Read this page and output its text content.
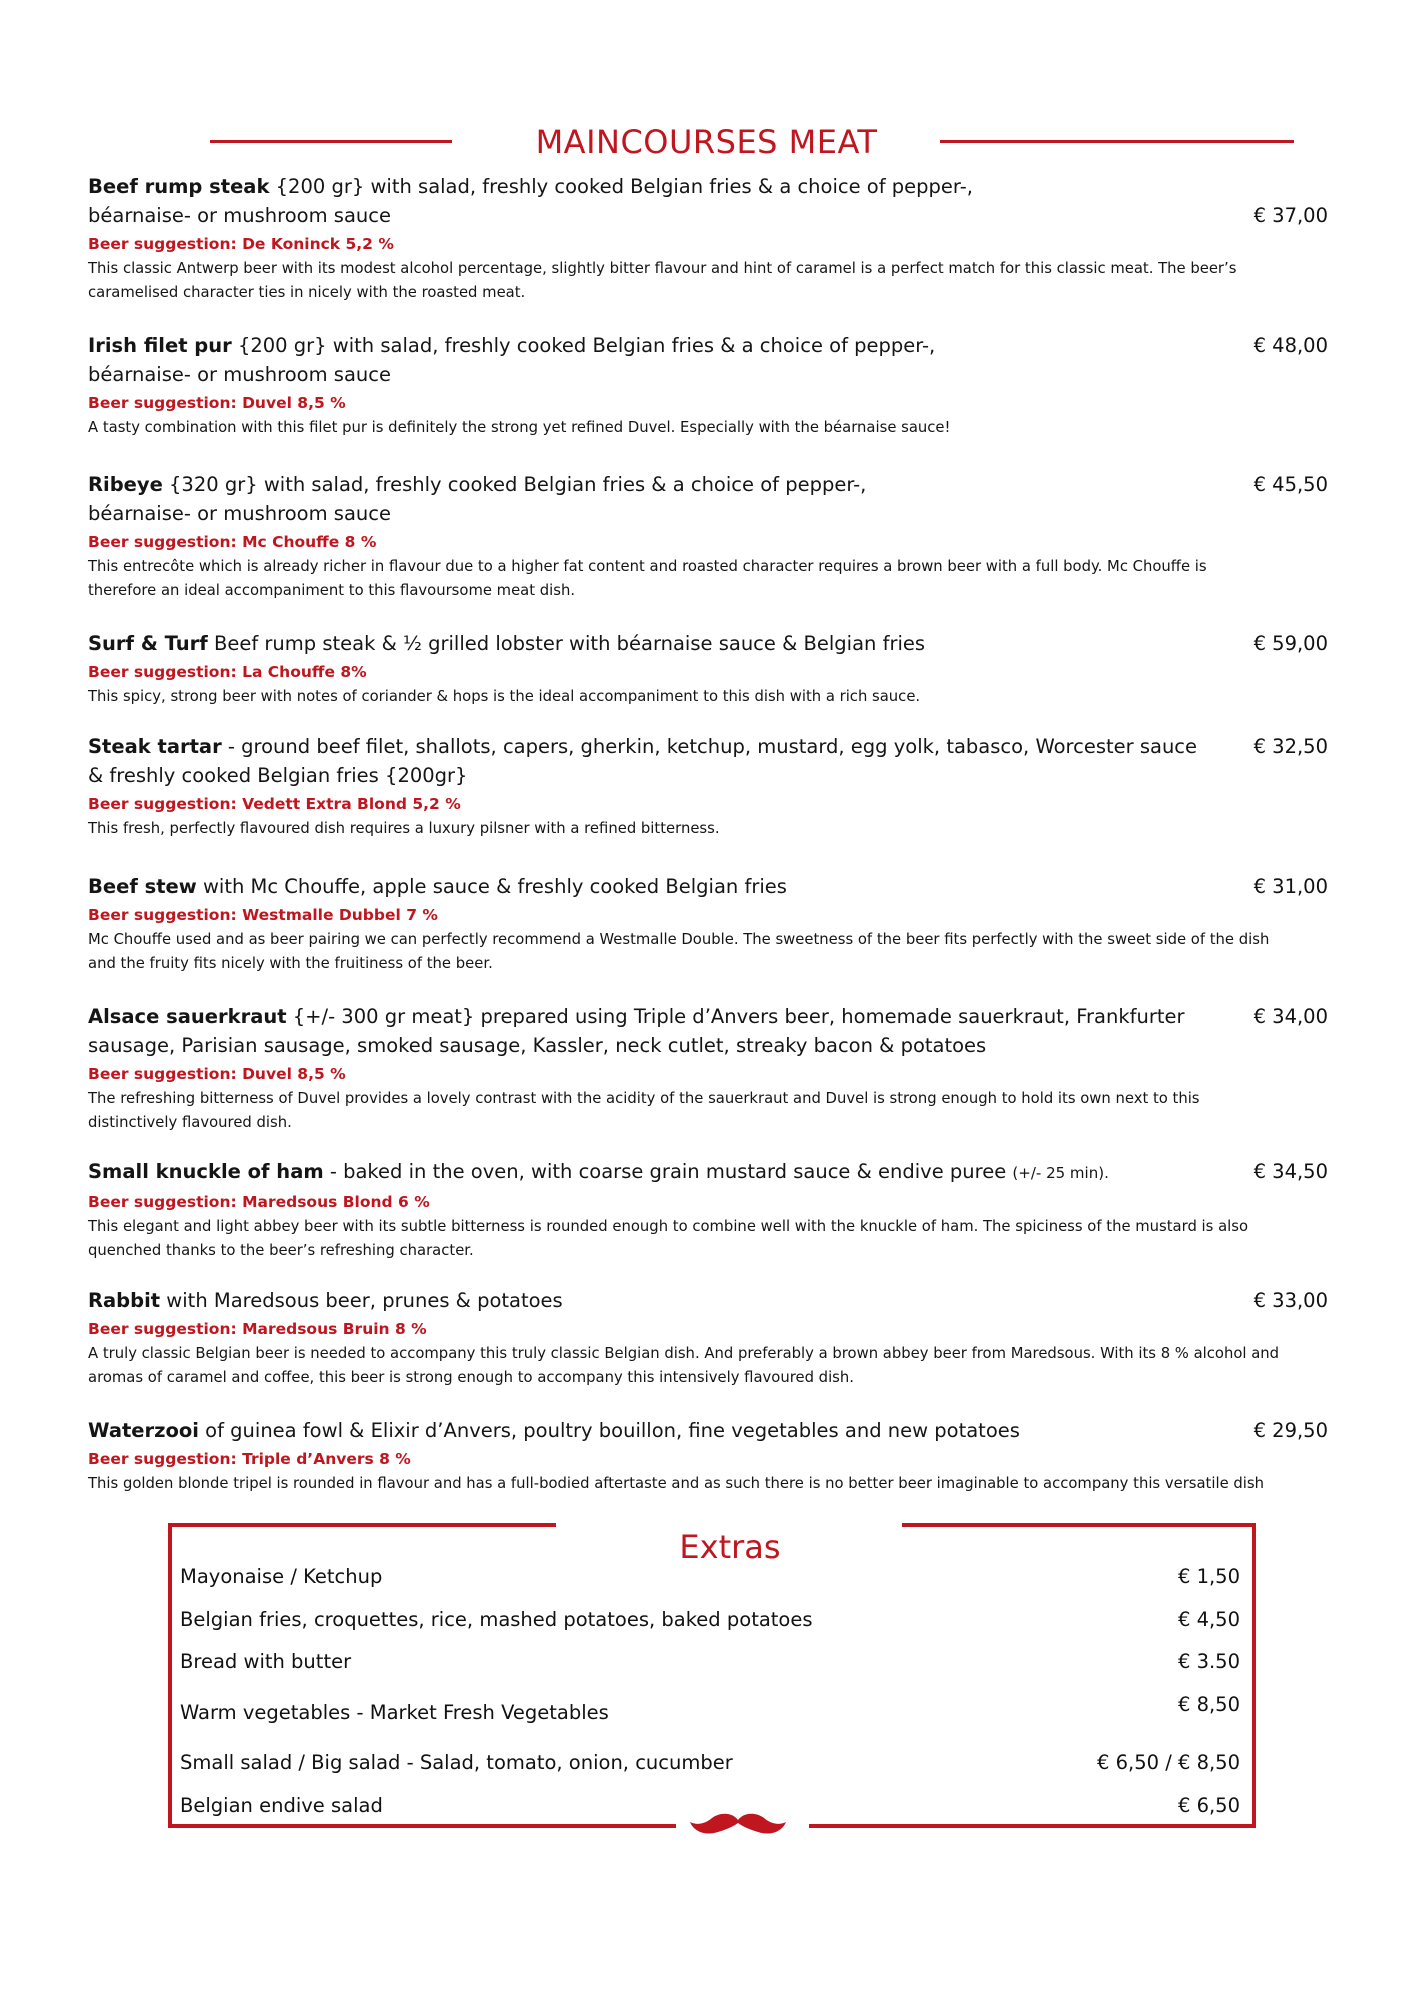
MAINCOURSES MEAT
Beef rump steak {200 gr} with salad, freshly cooked Belgian fries & a choice of pepper-,
béarnaise- or mushroom sauce	€ 37,00
Beer suggestion: De Koninck 5,2 %
This classic Antwerp beer with its modest alcohol percentage, slightly bitter flavour and hint of caramel is a perfect match for this classic meat. The beer’s
caramelised character ties in nicely with the roasted meat.
Irish filet pur {200 gr} with salad, freshly cooked Belgian fries & a choice of pepper-,
béarnaise- or mushroom sauce
€ 48,00
Beer suggestion: Duvel 8,5 %
A tasty combination with this filet pur is definitely the strong yet refined Duvel. Especially with the béarnaise sauce!
Ribeye {320 gr} with salad, freshly cooked Belgian fries & a choice of pepper-,
béarnaise- or mushroom sauce
€ 45,50
Beer suggestion: Mc Chouffe 8 %
This entrecôte which is already richer in flavour due to a higher fat content and roasted character requires a brown beer with a full body. Mc Chouffe is
therefore an ideal accompaniment to this flavoursome meat dish.
Surf & Turf Beef rump steak & ½ grilled lobster with béarnaise sauce & Belgian fries	€ 59,00
Beer suggestion: La Chouffe 8%
This spicy, strong beer with notes of coriander & hops is the ideal accompaniment to this dish with a rich sauce.
Steak tartar - ground beef filet, shallots, capers, gherkin, ketchup, mustard, egg yolk, tabasco, Worcester sauce
& freshly cooked Belgian fries {200gr}
€ 32,50
Beer suggestion: Vedett Extra Blond 5,2 %
This fresh, perfectly flavoured dish requires a luxury pilsner with a refined bitterness.
Beef stew with Mc Chouffe, apple sauce & freshly cooked Belgian fries	€ 31,00
Beer suggestion: Westmalle Dubbel 7 %
Mc Chouffe used and as beer pairing we can perfectly recommend a Westmalle Double. The sweetness of the beer fits perfectly with the sweet side of the dish
and the fruity fits nicely with the fruitiness of the beer.
Alsace sauerkraut {+/- 300 gr meat} prepared using Triple d’Anvers beer, homemade sauerkraut, Frankfurter
sausage, Parisian sausage, smoked sausage, Kassler, neck cutlet, streaky bacon & potatoes
€ 34,00
Beer suggestion: Duvel 8,5 %
The refreshing bitterness of Duvel provides a lovely contrast with the acidity of the sauerkraut and Duvel is strong enough to hold its own next to this
distinctively flavoured dish.
Small knuckle of ham - baked in the oven, with coarse grain mustard sauce & endive puree (+/- 25 min).	€ 34,50
Beer suggestion: Maredsous Blond 6 %
This elegant and light abbey beer with its subtle bitterness is rounded enough to combine well with the knuckle of ham. The spiciness of the mustard is also
quenched thanks to the beer’s refreshing character.
Rabbit with Maredsous beer, prunes & potatoes	€ 33,00
Beer suggestion: Maredsous Bruin 8 %
A truly classic Belgian beer is needed to accompany this truly classic Belgian dish. And preferably a brown abbey beer from Maredsous. With its 8 % alcohol and
aromas of caramel and coffee, this beer is strong enough to accompany this intensively flavoured dish.
Waterzooi of guinea fowl & Elixir d’Anvers, poultry bouillon, fine vegetables and new potatoes	€ 29,50
Beer suggestion: Triple d’Anvers 8 %
This golden blonde tripel is rounded in flavour and has a full-bodied aftertaste and as such there is no better beer imaginable to accompany this versatile dish
Extras
Mayonaise / Ketchup	€ 1,50
Belgian fries, croquettes, rice, mashed potatoes, baked potatoes	€ 4,50
Bread with butter	€ 3.50
Warm vegetables - Market Fresh Vegetables	€ 8,50
Small salad / Big salad - Salad, tomato, onion, cucumber	€ 6,50 / € 8,50
Belgian endive salad	€ 6,50
